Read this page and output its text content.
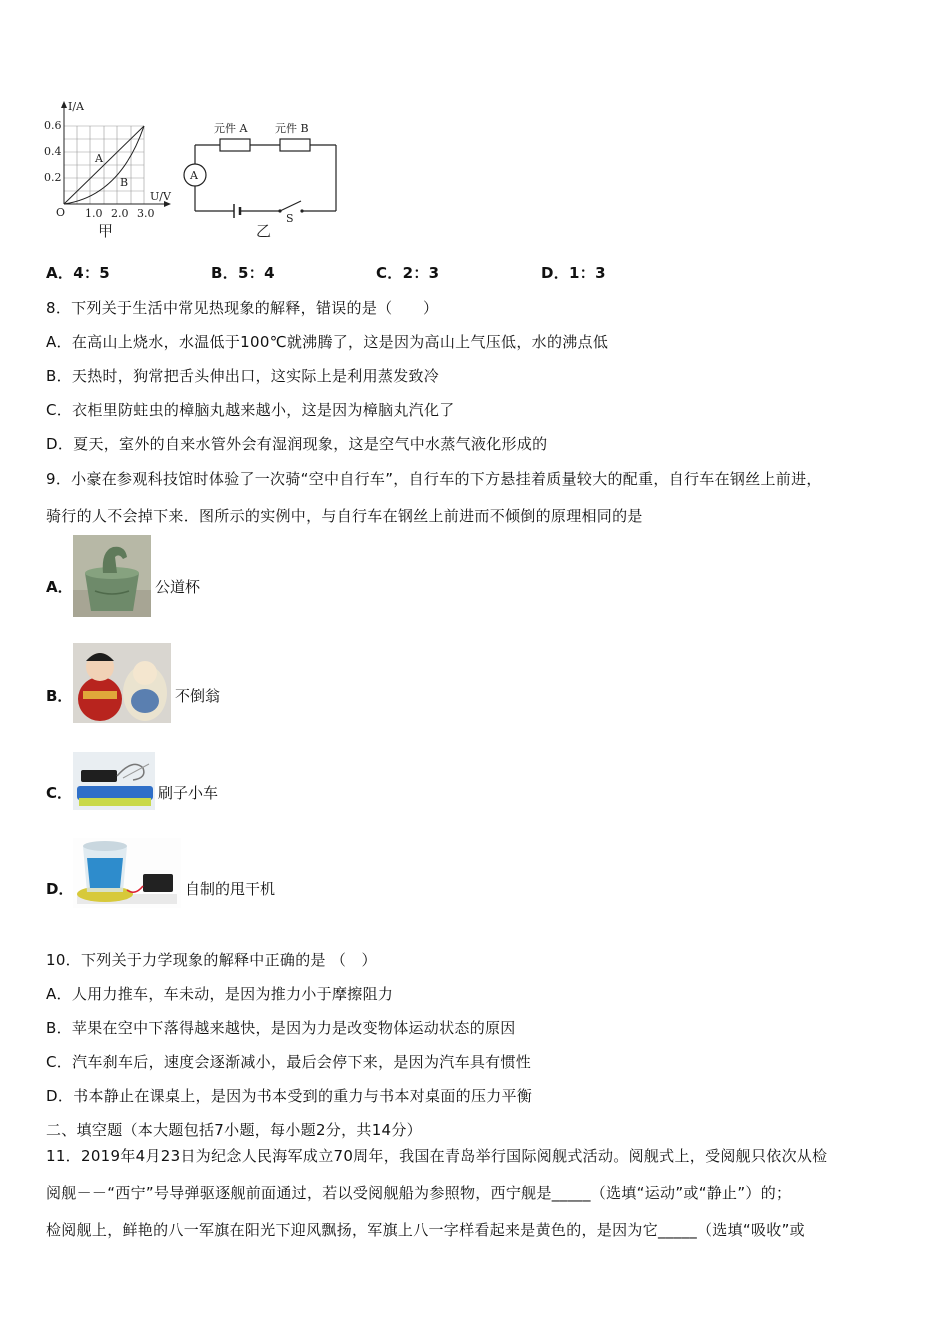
I/A
U/V
O
0.6
0.4
0.2
1.0 2.0 3.0
A
B
甲
元件 A	元件 B
A
S
乙
A．4：5	B．5：4	C．2：3	D．1：3
8．下列关于生活中常见热现象的解释，错误的是（　　）
A．在高山上烧水，水温低于100℃就沸腾了，这是因为高山上气压低，水的沸点低
B．天热时，狗常把舌头伸出口，这实际上是利用蒸发致冷
C．衣柜里防蛀虫的樟脑丸越来越小，这是因为樟脑丸汽化了
D．夏天，室外的自来水管外会有湿润现象，这是空气中水蒸气液化形成的
9．小豪在参观科技馆时体验了一次骑“空中自行车”，自行车的下方悬挂着质量较大的配重，自行车在钢丝上前进，
骑行的人不会掉下来．图所示的实例中，与自行车在钢丝上前进而不倾倒的原理相同的是
A．	公道杯
B．	不倒翁
C．	刷子小车
D．	自制的甩干机
10．下列关于力学现象的解释中正确的是 （　）
A．人用力推车，车未动，是因为推力小于摩擦阻力
B．苹果在空中下落得越来越快，是因为力是改变物体运动状态的原因
C．汽车刹车后，速度会逐渐减小，最后会停下来，是因为汽车具有惯性
D．书本静止在课桌上，是因为书本受到的重力与书本对桌面的压力平衡
二、填空题（本大题包括7小题，每小题2分，共14分）
11．2019年4月23日为纪念人民海军成立70周年，我国在青岛举行国际阅舰式活动。阅舰式上，受阅舰只依次从检
阅舰－－“西宁”号导弹驱逐舰前面通过，若以受阅舰船为参照物，西宁舰是_____（选填“运动”或“静止”）的；
检阅舰上，鲜艳的八一军旗在阳光下迎风飘扬，军旗上八一字样看起来是黄色的，是因为它_____（选填“吸收”或
